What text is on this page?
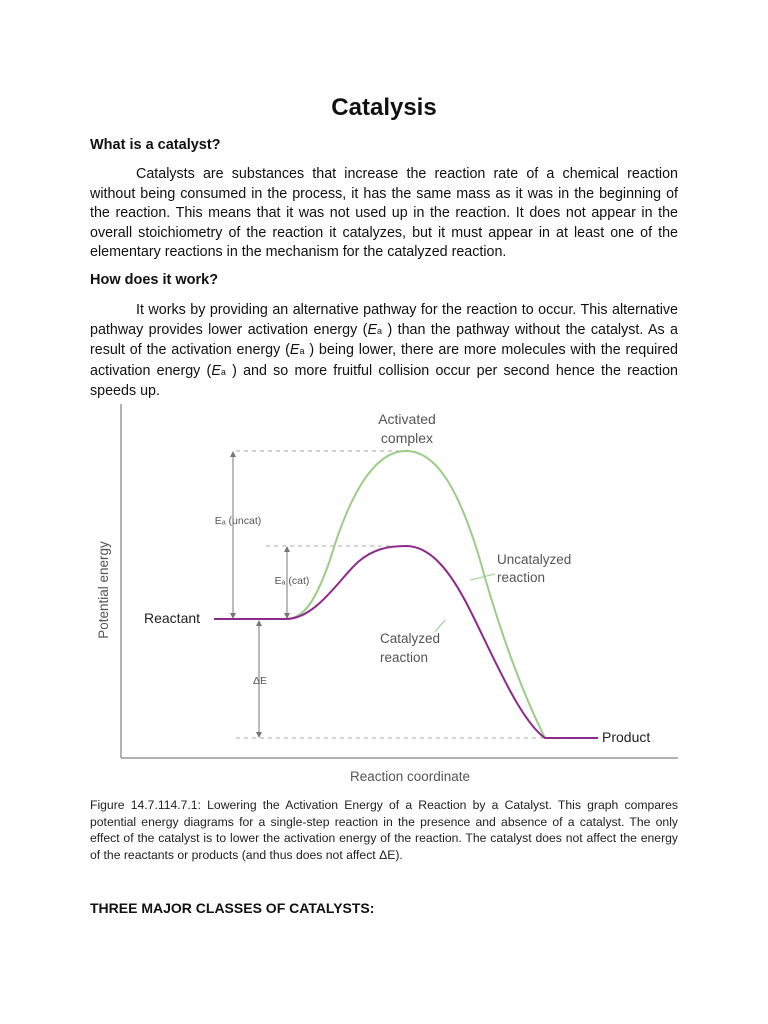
Catalysis

What is a catalyst?

Catalysts are substances that increase the reaction rate of a chemical reaction without being consumed in the process, it has the same mass as it was in the beginning of the reaction. This means that it was not used up in the reaction. It does not appear in the overall stoichiometry of the reaction it catalyzes, but it must appear in at least one of the elementary reactions in the mechanism for the catalyzed reaction.

How does it work?

It works by providing an alternative pathway for the reaction to occur. This alternative pathway provides lower activation energy (Ea ) than the pathway without the catalyst. As a result of the activation energy (Ea ) being lower, there are more molecules with the required activation energy (Ea ) and so more fruitful collision occur per second hence the reaction speeds up.

Activated
complex
Eₐ (uncat)
Eₐ (cat)
ΔE
Reactant
Product
Uncatalyzed
reaction
Catalyzed
reaction
Potential energy
Reaction coordinate

Figure 14.7.114.7.1: Lowering the Activation Energy of a Reaction by a Catalyst. This graph compares potential energy diagrams for a single-step reaction in the presence and absence of a catalyst. The only effect of the catalyst is to lower the activation energy of the reaction. The catalyst does not affect the energy of the reactants or products (and thus does not affect ΔE).

THREE MAJOR CLASSES OF CATALYSTS:
